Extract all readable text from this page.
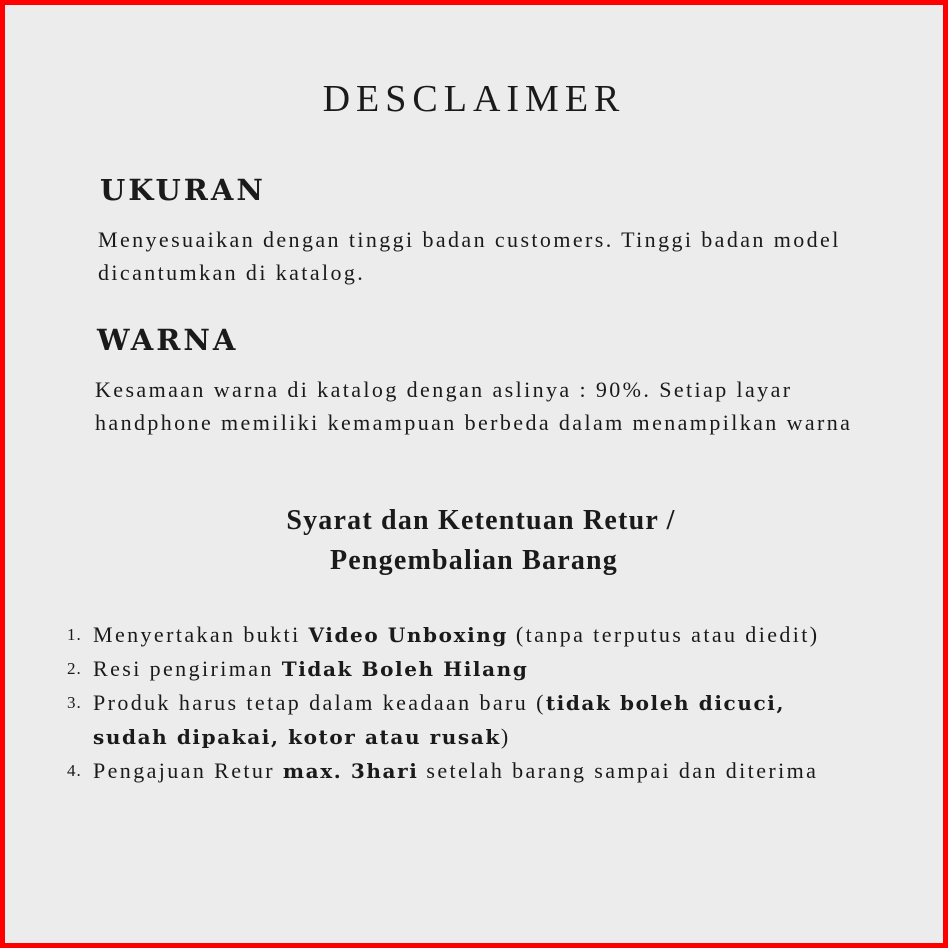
DESCLAIMER
UKURAN

Menyesuaikan dengan tinggi badan customers. Tinggi badan model dicantumkan di katalog.

WARNA

Kesamaan warna di katalog dengan aslinya : 90%. Setiap layar handphone memiliki kemampuan berbeda dalam menampilkan warna

Syarat dan Ketentuan Retur /
Pengembalian Barang
1. Menyertakan bukti Video Unboxing (tanpa terputus atau diedit)
2. Resi pengiriman Tidak Boleh Hilang
3. Produk harus tetap dalam keadaan baru (tidak boleh dicuci, sudah dipakai, kotor atau rusak)
4. Pengajuan Retur max. 3hari setelah barang sampai dan diterima
